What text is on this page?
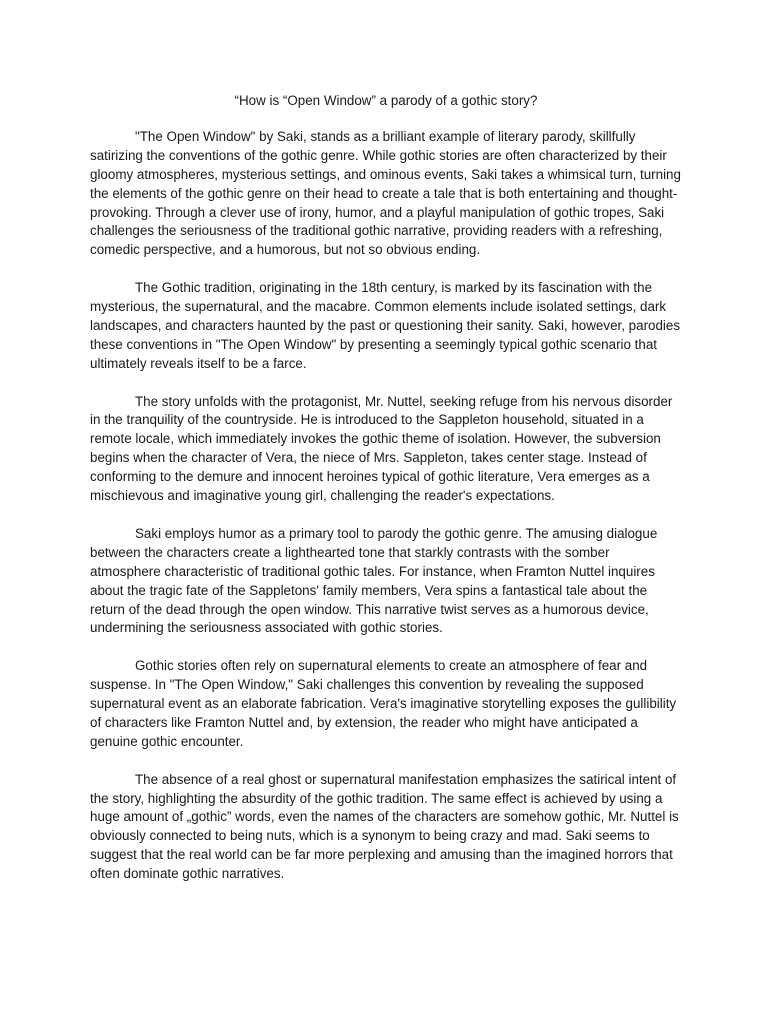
“How is “Open Window” a parody of a gothic story?

"The Open Window" by Saki, stands as a brilliant example of literary parody, skillfully satirizing the conventions of the gothic genre. While gothic stories are often characterized by their gloomy atmospheres, mysterious settings, and ominous events, Saki takes a whimsical turn, turning the elements of the gothic genre on their head to create a tale that is both entertaining and thought-provoking. Through a clever use of irony, humor, and a playful manipulation of gothic tropes, Saki challenges the seriousness of the traditional gothic narrative, providing readers with a refreshing, comedic perspective, and a humorous, but not so obvious ending.

The Gothic tradition, originating in the 18th century, is marked by its fascination with the mysterious, the supernatural, and the macabre. Common elements include isolated settings, dark landscapes, and characters haunted by the past or questioning their sanity. Saki, however, parodies these conventions in "The Open Window" by presenting a seemingly typical gothic scenario that ultimately reveals itself to be a farce.

The story unfolds with the protagonist, Mr. Nuttel, seeking refuge from his nervous disorder in the tranquility of the countryside. He is introduced to the Sappleton household, situated in a remote locale, which immediately invokes the gothic theme of isolation. However, the subversion begins when the character of Vera, the niece of Mrs. Sappleton, takes center stage. Instead of conforming to the demure and innocent heroines typical of gothic literature, Vera emerges as a mischievous and imaginative young girl, challenging the reader's expectations.

Saki employs humor as a primary tool to parody the gothic genre. The amusing dialogue between the characters create a lighthearted tone that starkly contrasts with the somber atmosphere characteristic of traditional gothic tales. For instance, when Framton Nuttel inquires about the tragic fate of the Sappletons' family members, Vera spins a fantastical tale about the return of the dead through the open window. This narrative twist serves as a humorous device, undermining the seriousness associated with gothic stories.

Gothic stories often rely on supernatural elements to create an atmosphere of fear and suspense. In "The Open Window," Saki challenges this convention by revealing the supposed supernatural event as an elaborate fabrication. Vera's imaginative storytelling exposes the gullibility of characters like Framton Nuttel and, by extension, the reader who might have anticipated a genuine gothic encounter.

The absence of a real ghost or supernatural manifestation emphasizes the satirical intent of the story, highlighting the absurdity of the gothic tradition. The same effect is achieved by using a huge amount of „gothic” words, even the names of the characters are somehow gothic, Mr. Nuttel is obviously connected to being nuts, which is a synonym to being crazy and mad. Saki seems to suggest that the real world can be far more perplexing and amusing than the imagined horrors that often dominate gothic narratives.
